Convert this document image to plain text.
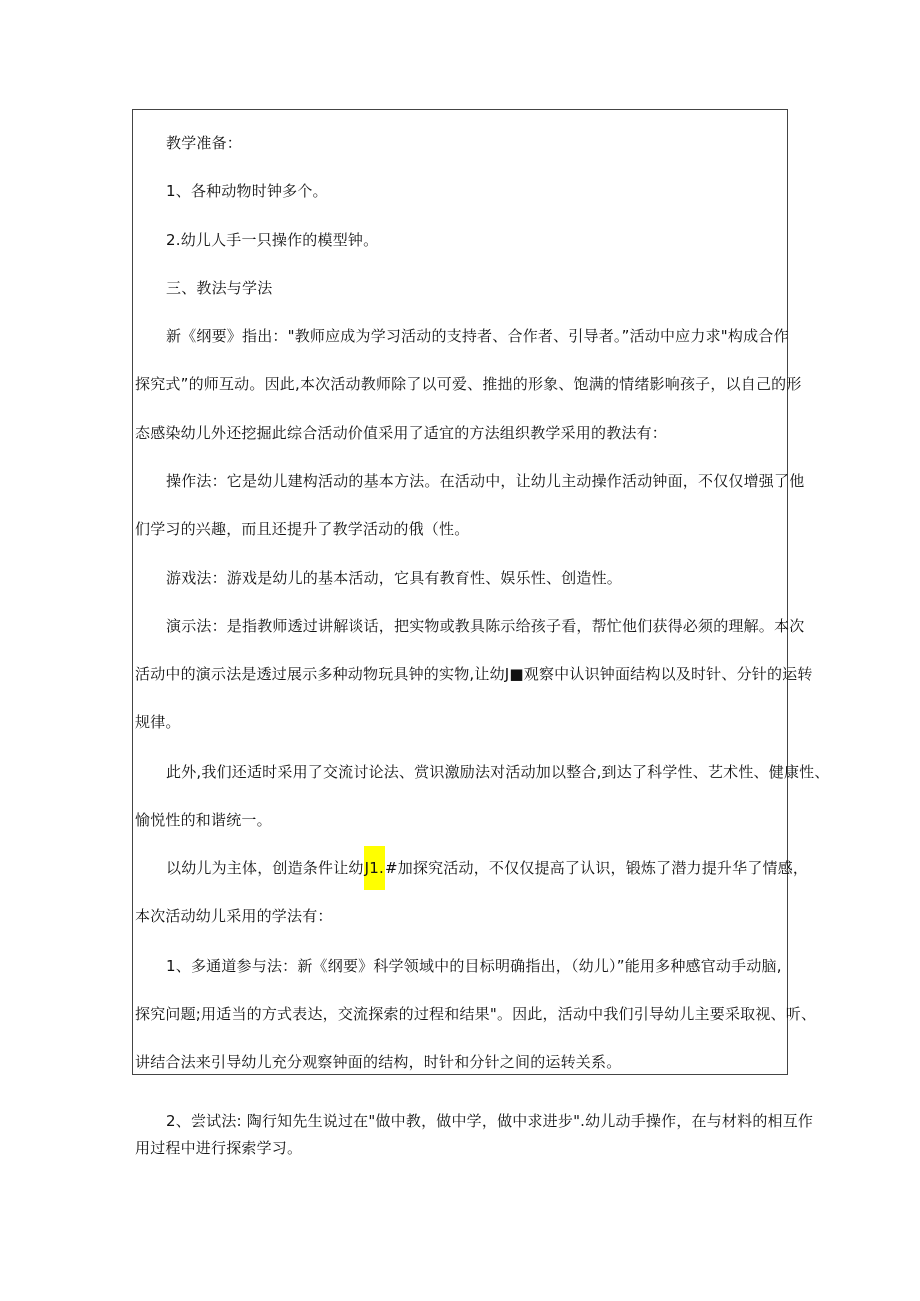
教学准备：
1、各种动物时钟多个。
2.幼儿人手一只操作的模型钟。
三、教法与学法
新《纲要》指出："教师应成为学习活动的支持者、合作者、引导者。”活动中应力求"构成合作
探究式”的师互动。因此,本次活动教师除了以可爱、推拙的形象、饱满的情绪影响孩子，以自己的形
态感染幼儿外还挖掘此综合活动价值采用了适宜的方法组织教学采用的教法有：
操作法：它是幼儿建构活动的基本方法。在活动中，让幼儿主动操作活动钟面，不仅仅增强了他
们学习的兴趣，而且还提升了教学活动的俄（性。
游戏法：游戏是幼儿的基本活动，它具有教育性、娱乐性、创造性。
演示法：是指教师透过讲解谈话，把实物或教具陈示给孩子看，帮忙他们获得必须的理解。本次
活动中的演示法是透过展示多种动物玩具钟的实物,让幼J■观察中认识钟面结构以及时针、分针的运转
规律。
此外,我们还适时采用了交流讨论法、赏识激励法对活动加以整合,到达了科学性、艺术性、健康性、
愉悦性的和谐统一。
以幼儿为主体，创造条件让幼J1.#加探究活动，不仅仅提高了认识，锻炼了潜力提升华了情感，
本次活动幼儿采用的学法有：
1、多通道参与法：新《纲要》科学领域中的目标明确指出，（幼儿）”能用多种感官动手动脑,
探究问题;用适当的方式表达，交流探索的过程和结果"。因此，活动中我们引导幼儿主要采取视、听、
讲结合法来引导幼儿充分观察钟面的结构，时针和分针之间的运转关系。
2、尝试法: 陶行知先生说过在"做中教，做中学，做中求进步".幼儿动手操作，在与材料的相互作
用过程中进行探索学习。
